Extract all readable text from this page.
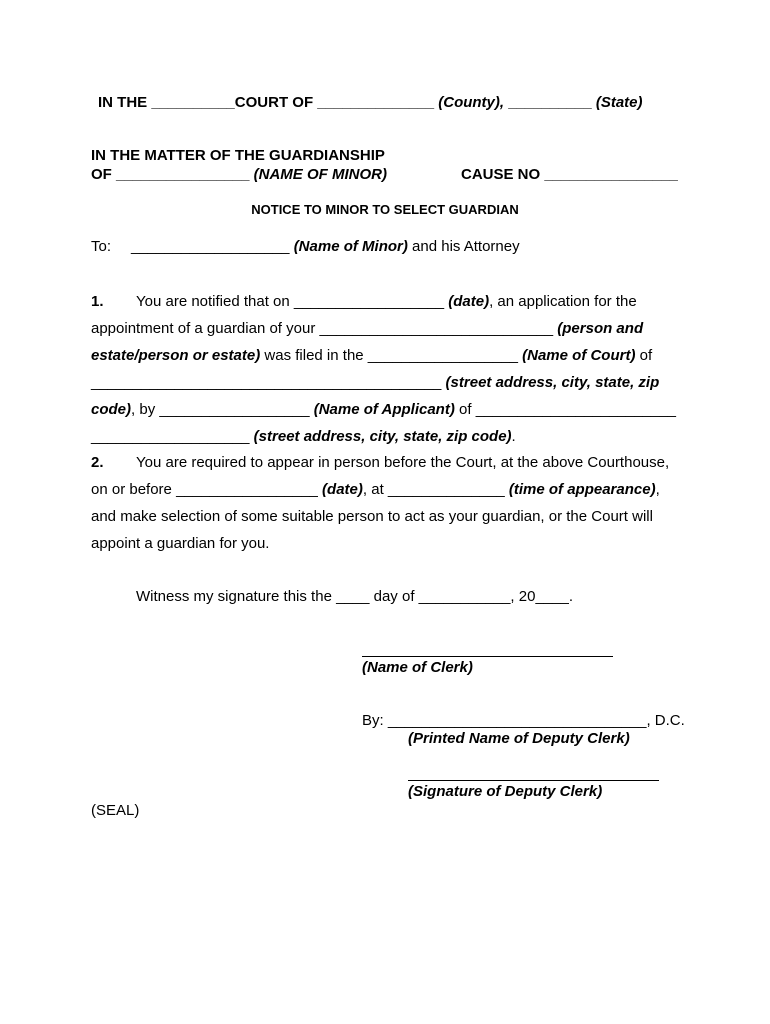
IN THE __________COURT OF ______________ (County), __________ (State)
IN THE MATTER OF THE GUARDIANSHIP
OF ________________ (NAME OF MINOR)	CAUSE NO ________________
NOTICE TO MINOR TO SELECT GUARDIAN
To: ___________________ (Name of Minor) and his Attorney
1. You are notified that on __________________ (date), an application for the
appointment of a guardian of your ____________________________ (person and
estate/person or estate) was filed in the __________________ (Name of Court) of
__________________________________________ (street address, city, state, zip
code), by __________________ (Name of Applicant) of ________________________
___________________ (street address, city, state, zip code).
2. You are required to appear in person before the Court, at the above Courthouse,
on or before _________________ (date), at ______________ (time of appearance),
and make selection of some suitable person to act as your guardian, or the Court will
appoint a guardian for you.
Witness my signature this the ____ day of ___________, 20____.
(Name of Clerk)
By: _______________________________, D.C.
(Printed Name of Deputy Clerk)
(Signature of Deputy Clerk)
(SEAL)
